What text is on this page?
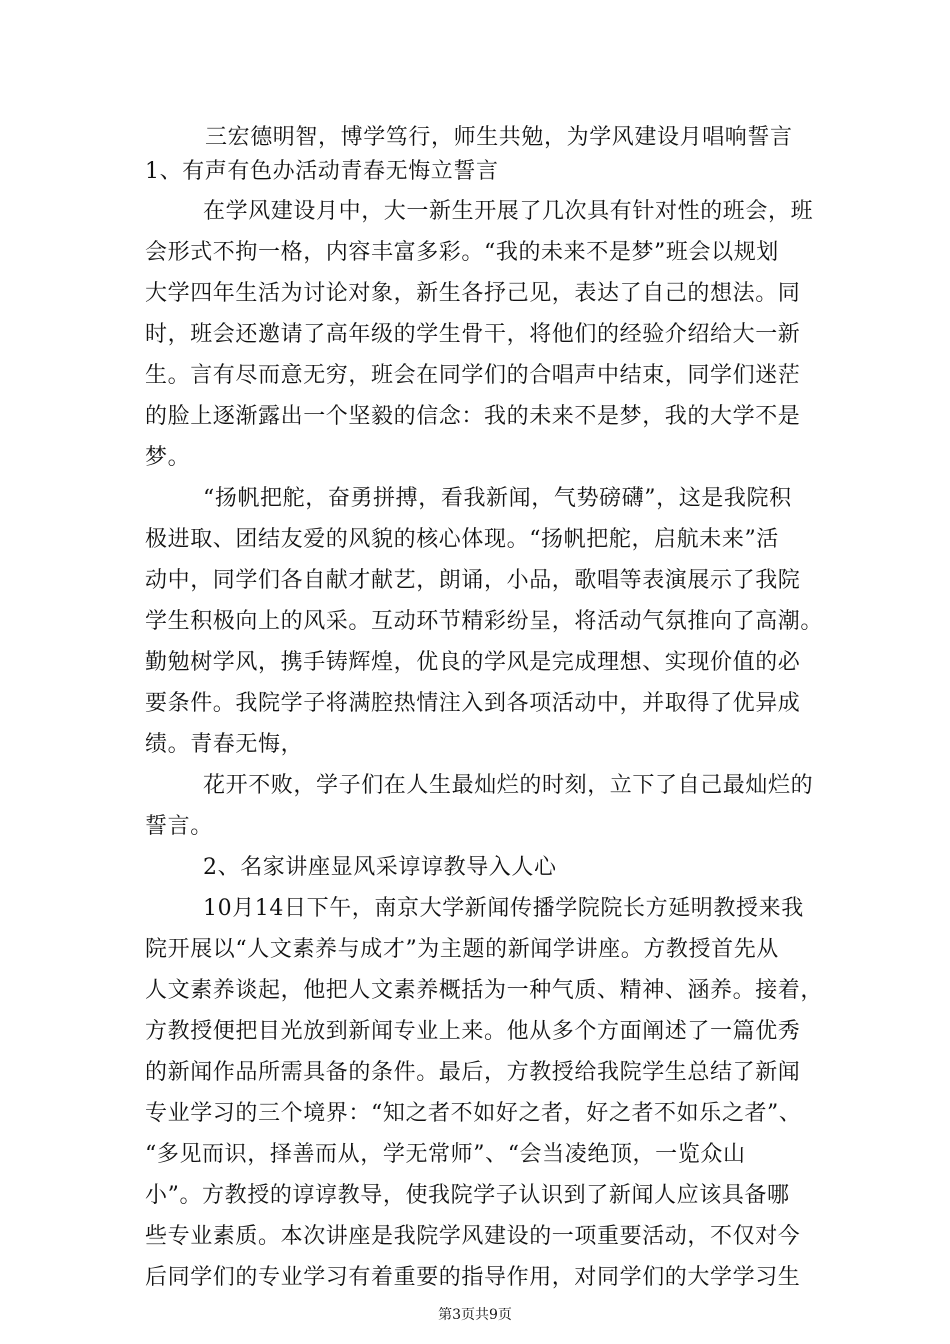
三宏德明智，博学笃行，师生共勉，为学风建设月唱响誓言
1、有声有色办活动青春无悔立誓言
在学风建设月中，大一新生开展了几次具有针对性的班会，班
会形式不拘一格，内容丰富多彩。“我的未来不是梦”班会以规划
大学四年生活为讨论对象，新生各抒己见，表达了自己的想法。同
时，班会还邀请了高年级的学生骨干，将他们的经验介绍给大一新
生。言有尽而意无穷，班会在同学们的合唱声中结束，同学们迷茫
的脸上逐渐露出一个坚毅的信念：我的未来不是梦，我的大学不是
梦。
“扬帆把舵，奋勇拼搏，看我新闻，气势磅礴”，这是我院积
极进取、团结友爱的风貌的核心体现。“扬帆把舵，启航未来”活
动中，同学们各自献才献艺，朗诵，小品，歌唱等表演展示了我院
学生积极向上的风采。互动环节精彩纷呈，将活动气氛推向了高潮。
勤勉树学风，携手铸辉煌，优良的学风是完成理想、实现价值的必
要条件。我院学子将满腔热情注入到各项活动中，并取得了优异成
绩。青春无悔，
花开不败，学子们在人生最灿烂的时刻，立下了自己最灿烂的
誓言。
2、名家讲座显风采谆谆教导入人心
10月14日下午，南京大学新闻传播学院院长方延明教授来我
院开展以“人文素养与成才”为主题的新闻学讲座。方教授首先从
人文素养谈起，他把人文素养概括为一种气质、精神、涵养。接着，
方教授便把目光放到新闻专业上来。他从多个方面阐述了一篇优秀
的新闻作品所需具备的条件。最后，方教授给我院学生总结了新闻
专业学习的三个境界：“知之者不如好之者，好之者不如乐之者”、
“多见而识，择善而从，学无常师”、“会当凌绝顶，一览众山
小”。方教授的谆谆教导，使我院学子认识到了新闻人应该具备哪
些专业素质。本次讲座是我院学风建设的一项重要活动，不仅对今
后同学们的专业学习有着重要的指导作用，对同学们的大学学习生
第3页共9页
